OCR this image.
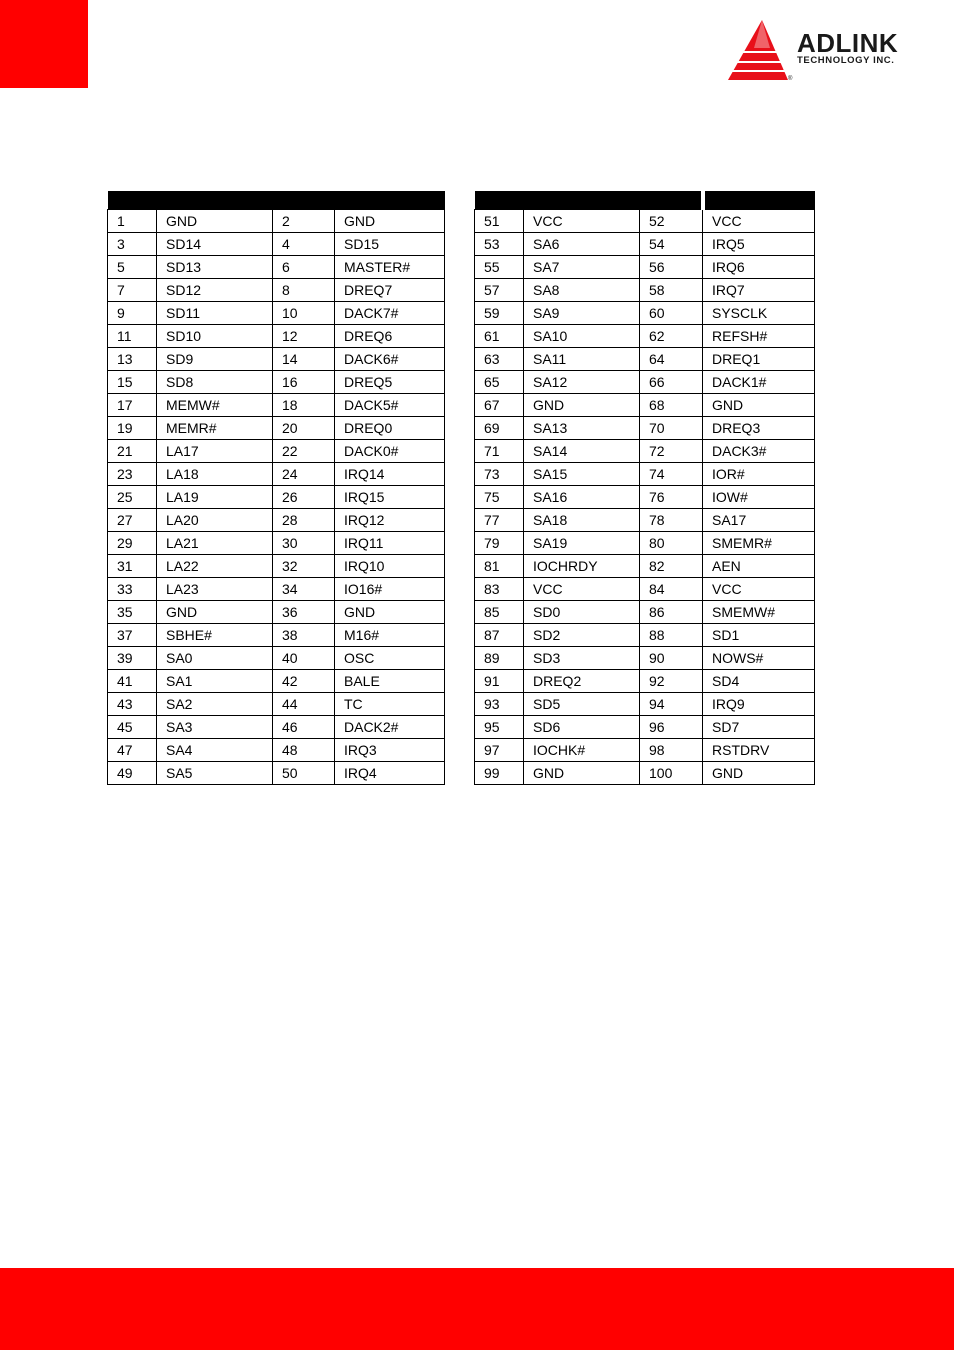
ADLINK
TECHNOLOGY INC.
®

1	GND	2	GND
3	SD14	4	SD15
5	SD13	6	MASTER#
7	SD12	8	DREQ7
9	SD11	10	DACK7#
11	SD10	12	DREQ6
13	SD9	14	DACK6#
15	SD8	16	DREQ5
17	MEMW#	18	DACK5#
19	MEMR#	20	DREQ0
21	LA17	22	DACK0#
23	LA18	24	IRQ14
25	LA19	26	IRQ15
27	LA20	28	IRQ12
29	LA21	30	IRQ11
31	LA22	32	IRQ10
33	LA23	34	IO16#
35	GND	36	GND
37	SBHE#	38	M16#
39	SA0	40	OSC
41	SA1	42	BALE
43	SA2	44	TC
45	SA3	46	DACK2#
47	SA4	48	IRQ3
49	SA5	50	IRQ4

51	VCC	52	VCC
53	SA6	54	IRQ5
55	SA7	56	IRQ6
57	SA8	58	IRQ7
59	SA9	60	SYSCLK
61	SA10	62	REFSH#
63	SA11	64	DREQ1
65	SA12	66	DACK1#
67	GND	68	GND
69	SA13	70	DREQ3
71	SA14	72	DACK3#
73	SA15	74	IOR#
75	SA16	76	IOW#
77	SA18	78	SA17
79	SA19	80	SMEMR#
81	IOCHRDY	82	AEN
83	VCC	84	VCC
85	SD0	86	SMEMW#
87	SD2	88	SD1
89	SD3	90	NOWS#
91	DREQ2	92	SD4
93	SD5	94	IRQ9
95	SD6	96	SD7
97	IOCHK#	98	RSTDRV
99	GND	100	GND
